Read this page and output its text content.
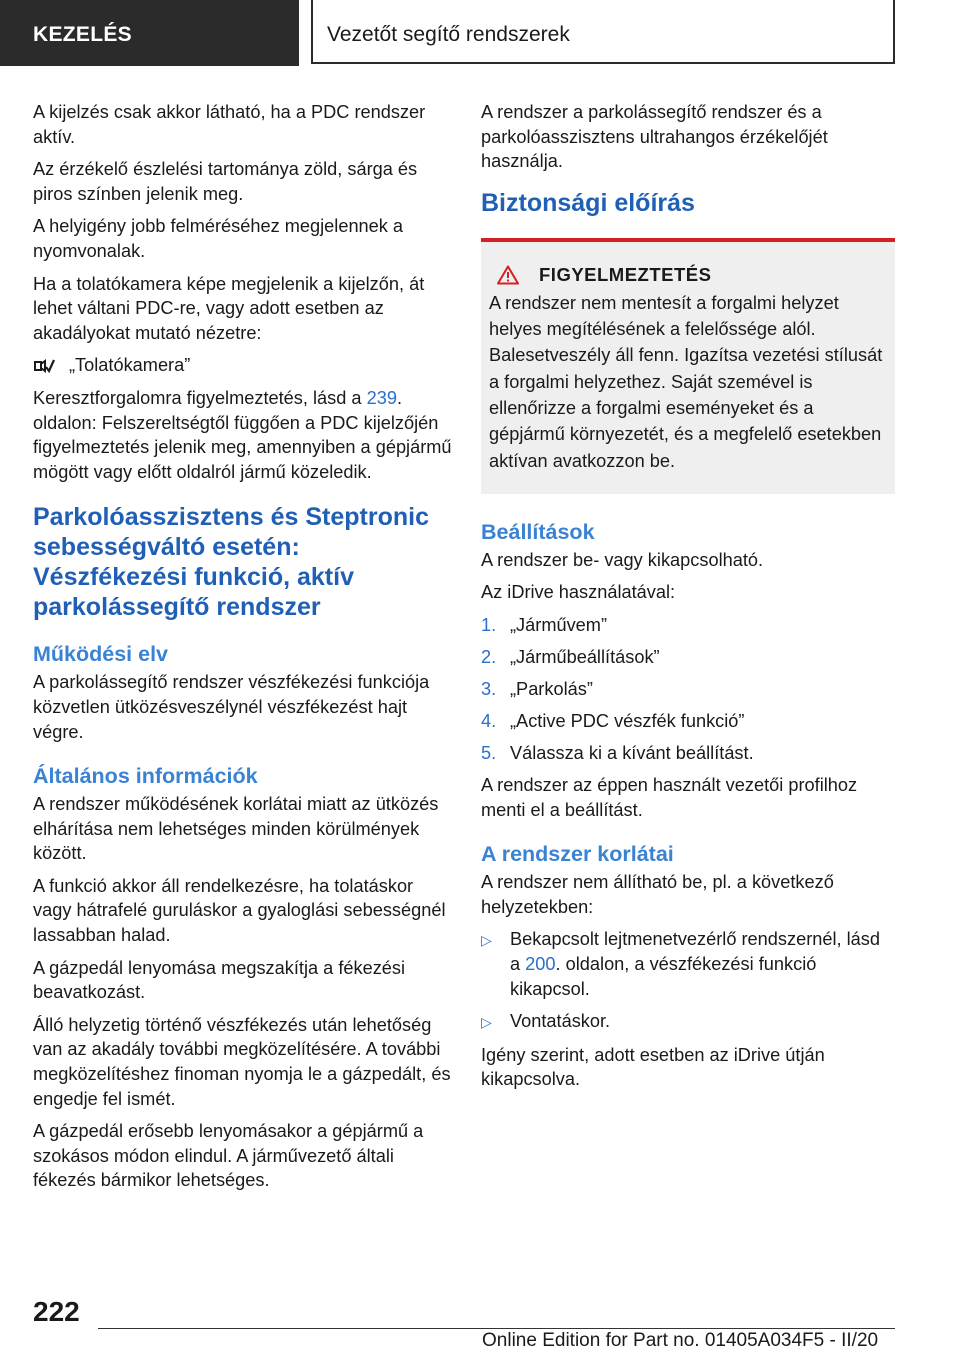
KEZELÉS	Vezetőt segítő rendszerek

A kijelzés csak akkor látható, ha a PDC rendszer aktív.

Az érzékelő észlelési tartománya zöld, sárga és piros színben jelenik meg.

A helyigény jobb felméréséhez megjelennek a nyomvonalak.

Ha a tolatókamera képe megjelenik a kijelzőn, át lehet váltani PDC-re, vagy adott esetben az akadályokat mutató nézetre:

„Tolatókamera”

Keresztforgalomra figyelmeztetés, lásd a 239. oldalon: Felszereltségtől függően a PDC kijelzőjén figyelmeztetés jelenik meg, amennyiben a gépjármű mögött vagy előtt oldalról jármű közeledik.

Parkolóasszisztens és Steptronic sebességváltó esetén: Vészfékezési funkció, aktív parkolássegítő rendszer
Működési elv

A parkolássegítő rendszer vészfékezési funkciója közvetlen ütközésveszélynél vészfékezést hajt végre.

Általános információk

A rendszer működésének korlátai miatt az ütközés elhárítása nem lehetséges minden körülmények között.

A funkció akkor áll rendelkezésre, ha tolatáskor vagy hátrafelé guruláskor a gyaloglási sebességnél lassabban halad.

A gázpedál lenyomása megszakítja a fékezési beavatkozást.

Álló helyzetig történő vészfékezés után lehetőség van az akadály további megközelítésére. A további megközelítéshez finoman nyomja le a gázpedált, és engedje fel ismét.

A gázpedál erősebb lenyomásakor a gépjármű a szokásos módon elindul. A járművezető általi fékezés bármikor lehetséges.

A rendszer a parkolássegítő rendszer és a parkolóasszisztens ultrahangos érzékelőjét használja.

Biztonsági előírás
FIGYELMEZTETÉS

A rendszer nem mentesít a forgalmi helyzet helyes megítélésének a felelőssége alól. Balesetveszély áll fenn. Igazítsa vezetési stílusát a forgalmi helyzethez. Saját szemével is ellenőrizze a forgalmi eseményeket és a gépjármű környezetét, és a megfelelő esetekben aktívan avatkozzon be.

Beállítások

A rendszer be- vagy kikapcsolható.

Az iDrive használatával:

1. „Járművem”
2. „Járműbeállítások”
3. „Parkolás”
4. „Active PDC vészfék funkció”
5. Válassza ki a kívánt beállítást.

A rendszer az éppen használt vezetői profilhoz menti el a beállítást.

A rendszer korlátai

A rendszer nem állítható be, pl. a következő helyzetekben:

▷	Bekapcsolt lejtmenetvezérlő rendszernél, lásd a 200. oldalon, a vészfékezési funkció kikapcsol.
▷	Vontatáskor.

Igény szerint, adott esetben az iDrive útján kikapcsolva.

222
Online Edition for Part no. 01405A034F5 - II/20
